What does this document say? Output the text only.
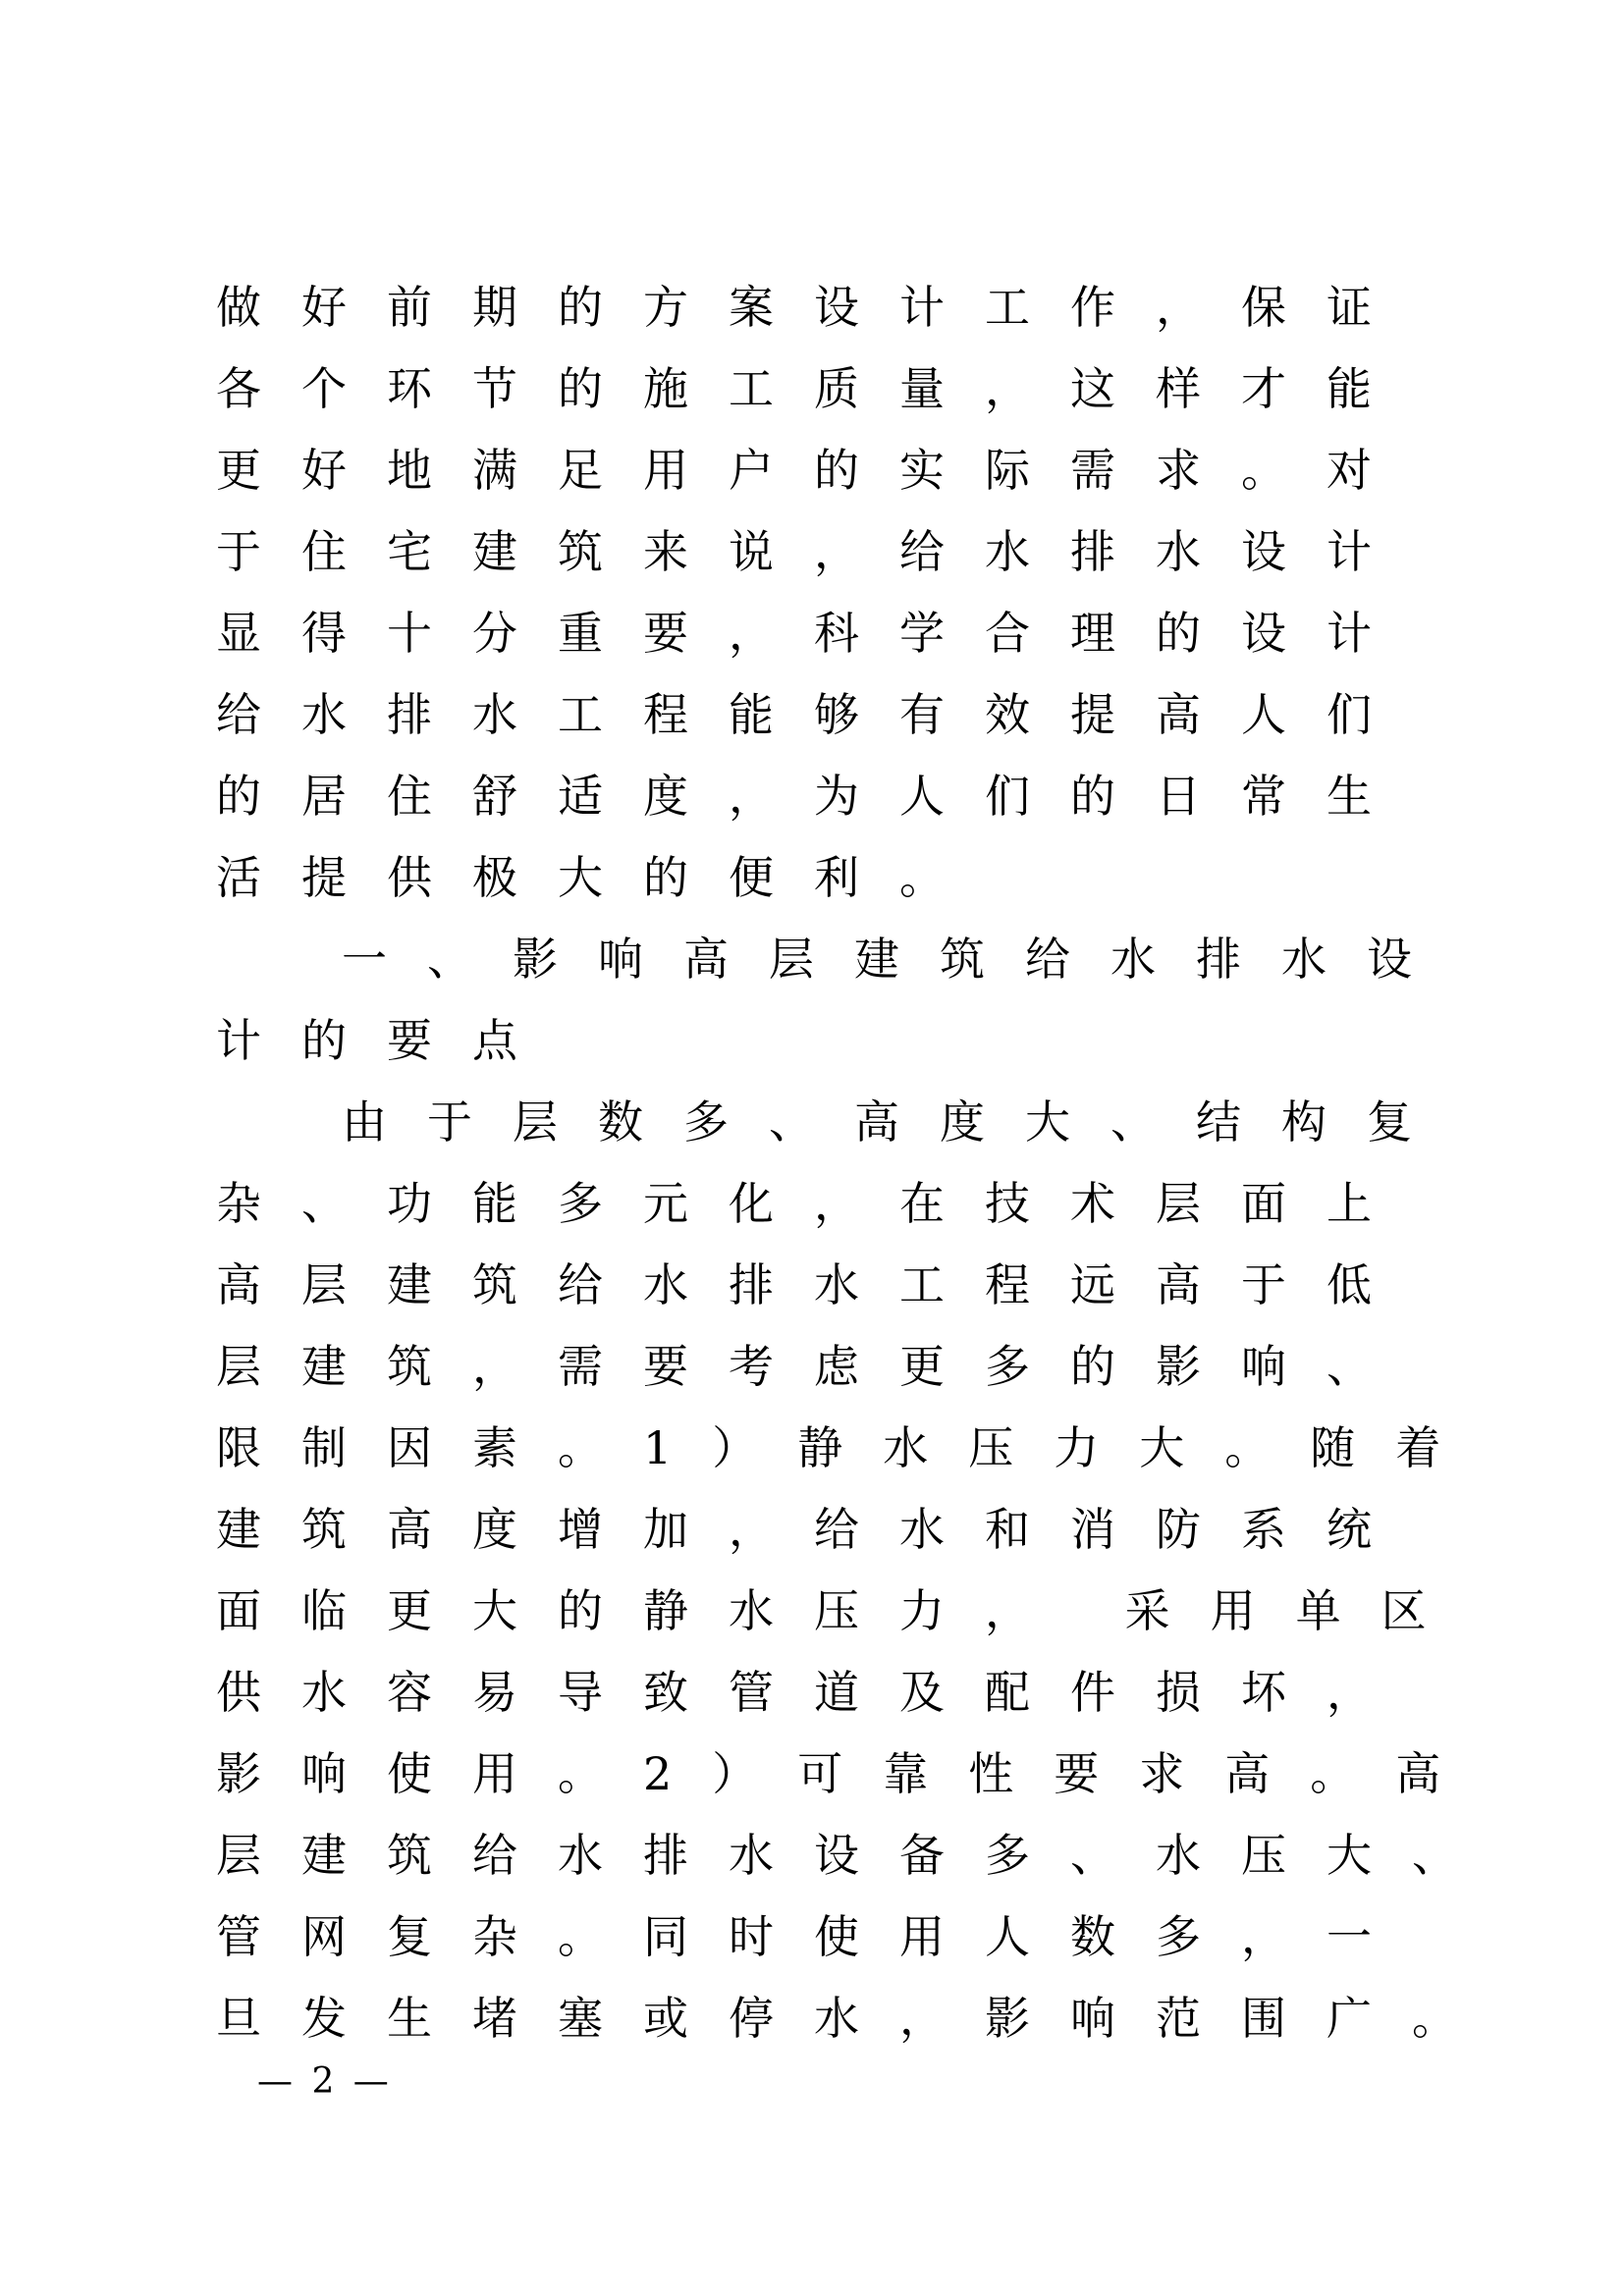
做好前期的方案设计工作，保证
各个环节的施工质量，这样才能
更好地满足用户的实际需求。对
于住宅建筑来说，给水排水设计
显得十分重要，科学合理的设计
给水排水工程能够有效提高人们
的居住舒适度，为人们的日常生
活提供极大的便利。
一、影响高层建筑给水排水设
计的要点
由于层数多、高度大、结构复
杂、功能多元化，在技术层面上
高层建筑给水排水工程远高于低
层建筑，需要考虑更多的影响、
限制因素。1）静水压力大。随着
建筑高度增加，给水和消防系统
面临更大的静水压力， 采用单区
供水容易导致管道及配件损坏，
影响使用。2）可靠性要求高。高
层建筑给水排水设备多、水压大、
管网复杂。同时使用人数多，一
旦发生堵塞或停水，影响范围广。
— 2 —
